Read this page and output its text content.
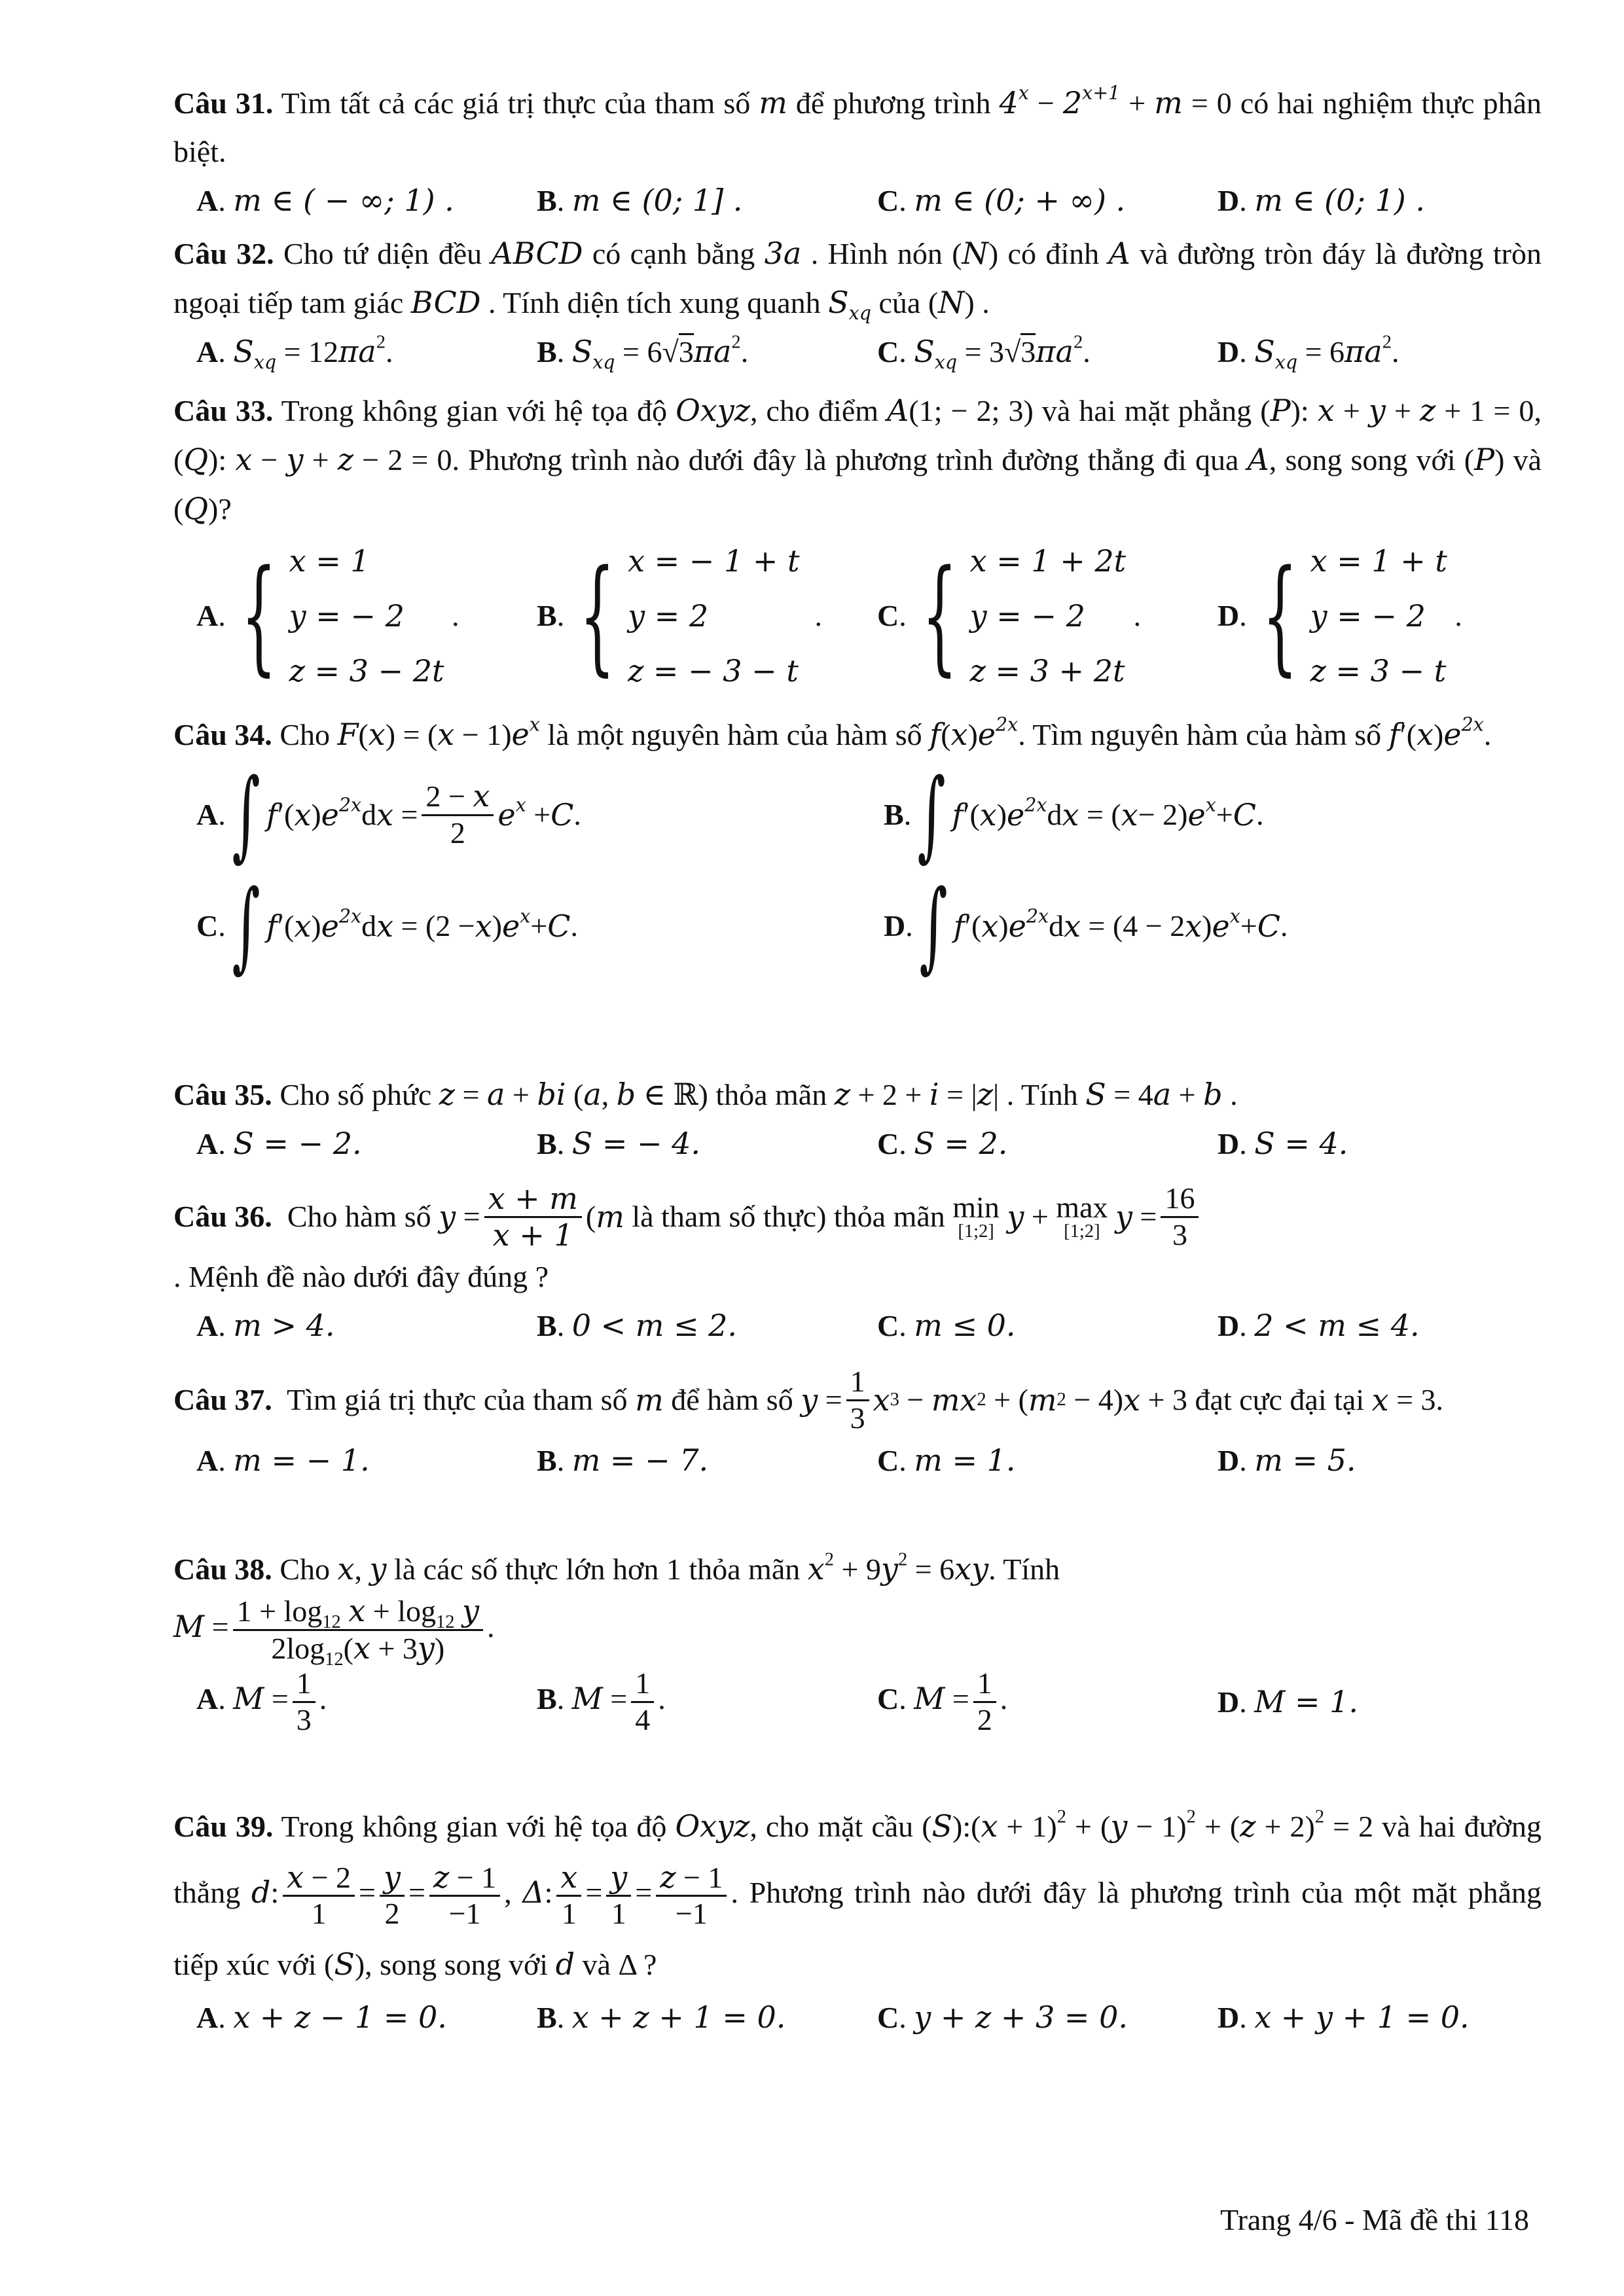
Câu 31. Tìm tất cả các giá trị thực của tham số m để phương trình $4^x - 2^{x+1} + m = 0$ có hai nghiệm thực phân biệt.

A. m ∈ ( − ∞; 1) .	B. m ∈ (0; 1] .	C. m ∈ (0; + ∞) .	D. m ∈ (0; 1) .

Câu 32. Cho tứ diện đều ABCD có cạnh bằng 3a . Hình nón (N) có đỉnh A và đường tròn đáy là đường tròn ngoại tiếp tam giác BCD . Tính diện tích xung quanh $S_{xq}$ của (N) .

A. $S_{xq} = 12\pi a^2$.	B. $S_{xq} = 6√3\pi a^2$.	C. $S_{xq} = 3√3\pi a^2$.	D. $S_{xq} = 6\pi a^2$.

Câu 33. Trong không gian với hệ tọa độ Oxyz, cho điểm A(1; − 2; 3) và hai mặt phẳng (P): x + y + z + 1 = 0, (Q): x − y + z − 2 = 0. Phương trình nào dưới đây là phương trình đường thẳng đi qua A, song song với (P) và (Q)?

A . { x = 1
y = − 2
z = 3 − 2t
.	B . { x = − 1 + t
y = 2
z = − 3 − t
.	C . { x = 1 + 2t
y = − 2
z = 3 + 2t
.	D . { x = 1 + t
y = − 2
z = 3 − t
.

Câu 34. Cho $F(x) = (x - 1)e^x$ là một nguyên hàm của hàm số $f(x)e^{2x}$. Tìm nguyên hàm của hàm số $f'(x)e^{2x}$.

A . ∫ f ′( x ) $e^{2x}$ d $x = \frac{2 - x}{2} e^x + C$ .	B . ∫ f ′( x ) $e^{2x}$ d x = ( x − 2) $e^x + C$ .
C . ∫ f ′( x ) $e^{2x}$ d x = (2 − x ) $e^x + C$ .	D . ∫ f ′( x ) $e^{2x}$ d x = (4 − 2 x ) $e^x + C$ .

Câu 35. Cho số phức z = a + bi (a, b ∈ ℝ) thỏa mãn z + 2 + i = |z| . Tính S = 4a + b .

A. S = − 2.	B. S = − 4.	C. S = 2.	D. S = 4.

Câu 36. Cho hàm số y =
x + m
x + 1
( m là tham số thực) thỏa mãn min
[1;2]
y + max
[1;2]
y =
16
3
. Mệnh đề nào dưới đây đúng ?

A. m > 4.	B. 0 < m ≤ 2.	C. m ≤ 0.	D. 2 < m ≤ 4.

Câu 37. Tìm giá trị thực của tham số m để hàm số y =
1
3 x 3 − mx 2 + ( m 2 − 4) x + 3 đạt cực đại tại x = 3.

A. m = − 1.	B. m = − 7.	C. m = 1.	D. m = 5.

Câu 38. Cho x, y là các số thực lớn hơn 1 thỏa mãn $x^2 + 9y^2 = 6xy$. Tính
$M = \frac{1 + \log_{12} x + \log_{12} y}{2\log_{12}(x + 3y)}$ .

A. $M = \frac{1}{3}$ .	B. $M = \frac{1}{4}$ .	C. $M = \frac{1}{2}$ .	D. M = 1.

Câu 39. Trong không gian với hệ tọa độ Oxyz, cho mặt cầu (S):(x + $1)^2 + (y - 1)^2 + (z + 2)^2 = 2$ và hai đường thẳng d: $\frac{x - 2}{1} = \frac{y}{2} = \frac{z - 1}{-1}$ , Δ: $\frac{x}{1} = \frac{y}{1} = \frac{z - 1}{-1}$ . Phương trình nào dưới đây là phương trình của một mặt phẳng tiếp xúc với (S), song song với d và Δ ?

A. x + z − 1 = 0.	B. x + z + 1 = 0.	C. y + z + 3 = 0.	D. x + y + 1 = 0.
Trang 4/6 - Mã đề thi 118
